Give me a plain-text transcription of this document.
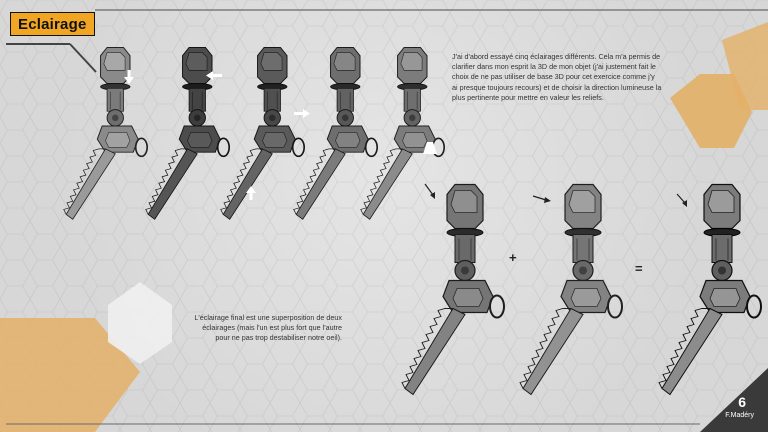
Eclairage
J'ai d'abord essayé cinq éclairages différents. Cela m'a permis de clarifier dans mon esprit la 3D de mon objet (j'ai justement fait le choix de ne pas utiliser de base 3D pour cet exercice comme j'y ai presque toujours recours) et de choisir la direction lumineuse la plus pertinente pour mettre en valeur les reliefs.
L'éclairage final est une superposition de deux éclairages (mais l'un est plus fort que l'autre pour ne pas trop destabiliser notre oeil).
+
=
6
F.Madéry
